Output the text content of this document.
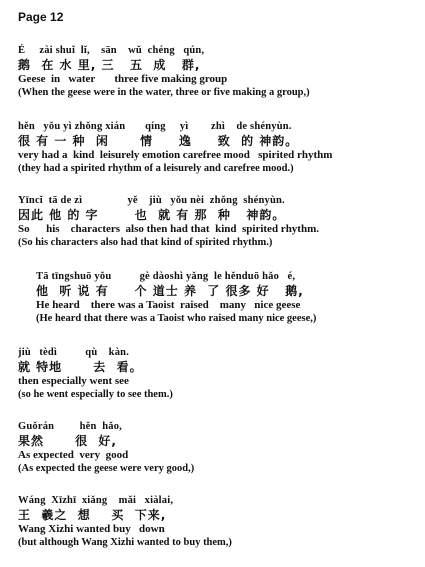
Page 12
É     zài shuǐ  lǐ,    sān    wǔ  chéng   qún,
鹅  在 水 里, 三   五  成   群,
Geese  in   water       three five making group
(When the geese were in the water, three or five making a group,)
hěn   yǒu yì zhǒng xián       qíng     yì        zhì    de shényùn.
很 有 一 种  闲      情     逸     致  的 神韵。
very had a  kind  leisurely emotion carefree mood   spirited rhythm
(they had a spirited rhythm of a leisurely and carefree mood.)
Yīncǐ  tā de zì                yě    jiù   yǒu nèi  zhǒng  shényùn.
因此 他 的 字       也  就 有 那  种   神韵。
So      his    characters  also then had that  kind  spirited rhythm.
(So his characters also had that kind of spirited rhythm.)
Tā tīngshuō yǒu          gè dàoshì yǎng  le hěnduō hǎo   é,
他  听 说 有     个 道士 养  了 很多 好   鹅,
He heard    there was a Taoist  raised    many   nice geese
(He heard that there was a Taoist who raised many nice geese,)
jiù   tèdì          qù    kàn.
就 特地      去  看。
then especially went see
(so he went especially to see them.)
Guǒrán         hěn  hǎo,
果然      很  好,
As expected  very  good
(As expected the geese were very good,)
Wáng  Xīzhī  xiǎng    mǎi   xiàlai,
王  羲之  想    买  下来,
Wang Xizhi wanted buy   down
(but although Wang Xizhi wanted to buy them,)
